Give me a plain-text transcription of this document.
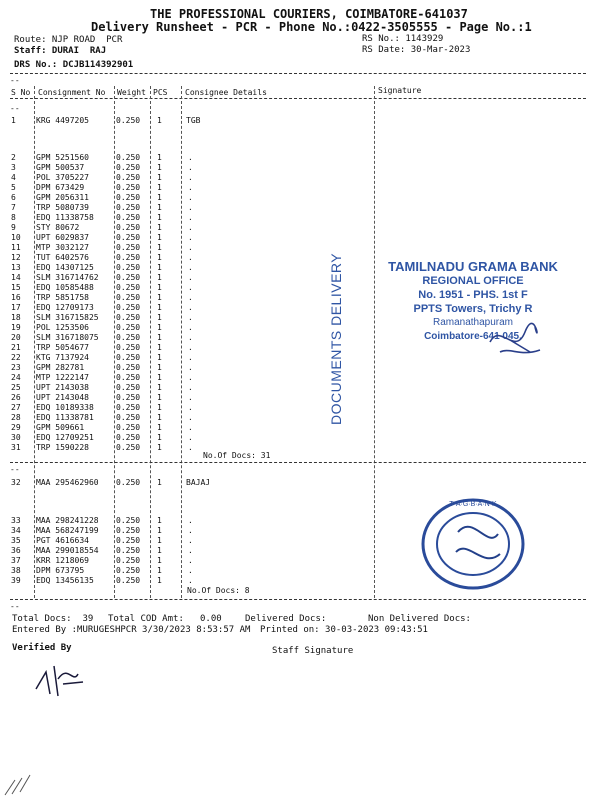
THE PROFESSIONAL COURIERS, COIMBATORE-641037
Delivery Runsheet - PCR - Phone No.:0422-3505555 - Page No.:1
Route: NJP ROAD  PCR
Staff: DURAI  RAJ
DRS No.: DCJB114392901
RS No.: 1143929
RS Date: 30-Mar-2023
--
S No Consignment No Weight PCS Consignee Details	Signature
--
1	KRG 4497205	0.250 1	TGB
2	GPM 5251560	0.250 1	.
3	GPM 500537	0.250 1	.
4	POL 3705227	0.250 1	.
5	DPM 673429	0.250 1	.
6	GPM 2056311	0.250 1	.
7	TRP 5080739	0.250 1	.
8	EDQ 11338758	0.250 1	.
9	STY 80672	0.250 1	.
10 UPT 6029837	0.250 1	.
11 MTP 3032127	0.250 1	.
12 TUT 6402576	0.250 1	.
13 EDQ 14307125	0.250 1	.
14 SLM 316714762 0.250 1	.
15 EDQ 10585488	0.250 1	.
16 TRP 5851758	0.250 1	.
17 EDQ 12709173	0.250 1	.
18 SLM 316715825 0.250 1	.
19 POL 1253506	0.250 1	.
20 SLM 316718075 0.250 1	.
21 TRP 5054677	0.250 1	.
22 KTG 7137924	0.250 1	.
23 GPM 282781	0.250 1	.
24 MTP 1222147	0.250 1	.
25 UPT 2143038	0.250 1	.
26 UPT 2143048	0.250 1	.
27 EDQ 10189338	0.250 1	.
28 EDQ 11338781	0.250 1	.
29 GPM 509661	0.250 1	.
30 EDQ 12709251	0.250 1	.
31 TRP 1590228	0.250 1	.
No.Of Docs: 31
--
32 MAA 295462960 0.250 1	BAJAJ
33 MAA 298241228 0.250 1	.
34 MAA 568247199 0.250 1	.
35 PGT 4616634	0.250 1	.
36 MAA 299018554 0.250 1	.
37 KRR 1218069	0.250 1	.
38 DPM 673795	0.250 1	.
39 EDQ 13456135	0.250 1	.
No.Of Docs: 8
--
Total Docs:  39 Total COD Amt: 0.00	Delivered Docs:	Non Delivered Docs:
Entered By :MURUGESHPCR 3/30/2023 8:53:57 AM Printed on: 30-03-2023 09:43:51
Verified By	Staff Signature
DOCUMENTS DELIVERY	TAMILNADU GRAMA BANK
REGIONAL OFFICE
No. 1951 - PHS. 1st F
PPTS Towers, Trichy R
Ramanathapuram
Coimbatore-641 045.
T·A·G·B·A·N·K
